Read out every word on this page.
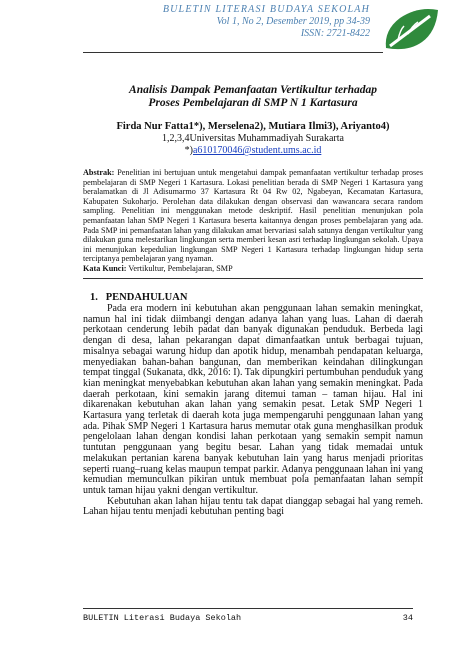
BULETIN LITERASI BUDAYA SEKOLAH
Vol 1, No 2, Desember 2019, pp 34-39
ISSN: 2721-8422
Analisis Dampak Pemanfaatan Vertikultur terhadap
Proses Pembelajaran di SMP N 1 Kartasura
Firda Nur Fatta1*), Merselena2), Mutiara Ilmi3), Ariyanto4)
1,2,3,4Universitas Muhammadiyah Surakarta
*)a610170046@student.ums.ac.id
Abstrak: Penelitian ini bertujuan untuk mengetahui dampak pemanfaatan vertikultur terhadap proses pembelajaran di SMP Negeri 1 Kartasura. Lokasi penelitian berada di SMP Negeri 1 Kartasura yang beralamatkan di Jl Adisumarmo 37 Kartasura Rt 04 Rw 02, Ngabeyan, Kecamatan Kartasura, Kabupaten Sukoharjo. Perolehan data dilakukan dengan observasi dan wawancara secara random sampling. Penelitian ini menggunakan metode deskriptif. Hasil penelitian menunjukan pola pemanfaatan lahan SMP Negeri 1 Kartasura beserta kaitannya dengan proses pembelajaran yang ada. Pada SMP ini pemanfaatan lahan yang dilakukan amat bervariasi salah satunya dengan vertikultur yang dilakukan guna melestarikan lingkungan serta memberi kesan asri terhadap lingkungan sekolah. Upaya ini menunjukan kepedulian lingkungan SMP Negeri 1 Kartasura terhadap lingkungan hidup serta terciptanya pembelajaran yang nyaman.
Kata Kunci: Vertikultur, Pembelajaran, SMP
1.   PENDAHULUAN

Pada era modern ini kebutuhan akan penggunaan lahan semakin meningkat, namun hal ini tidak diimbangi dengan adanya lahan yang luas. Lahan di daerah perkotaan cenderung lebih padat dan banyak digunakan penduduk. Berbeda lagi dengan di desa, lahan pekarangan dapat dimanfaatkan untuk berbagai tujuan, misalnya sebagai warung hidup dan apotik hidup, menambah pendapatan keluarga, menyediakan bahan-bahan bangunan, dan memberikan keindahan dilingkungan tempat tinggal (Sukanata, dkk, 2016: I). Tak dipungkiri pertumbuhan penduduk yang kian meningkat menyebabkan kebutuhan akan lahan yang semakin meningkat. Pada daerah perkotaan, kini semakin jarang ditemui taman – taman hijau. Hal ini dikarenakan kebutuhan akan lahan yang semakin pesat. Letak SMP Negeri 1 Kartasura yang terletak di daerah kota juga mempengaruhi penggunaan lahan yang ada. Pihak SMP Negeri 1 Kartasura harus memutar otak guna menghasilkan produk pengelolaan lahan dengan kondisi lahan perkotaan yang semakin sempit namun tuntutan penggunaan yang begitu besar. Lahan yang tidak memadai untuk melakukan pertanian karena banyak kebutuhan lain yang harus menjadi prioritas seperti ruang–ruang kelas maupun tempat parkir. Adanya penggunaan lahan ini yang kemudian memunculkan pikiran untuk membuat pola pemanfaatan lahan sempit untuk taman hijau yakni dengan vertikultur.

Kebutuhan akan lahan hijau tentu tak dapat dianggap sebagai hal yang remeh. Lahan hijau tentu menjadi kebutuhan penting bagi

BULETIN Literasi Budaya Sekolah	34
